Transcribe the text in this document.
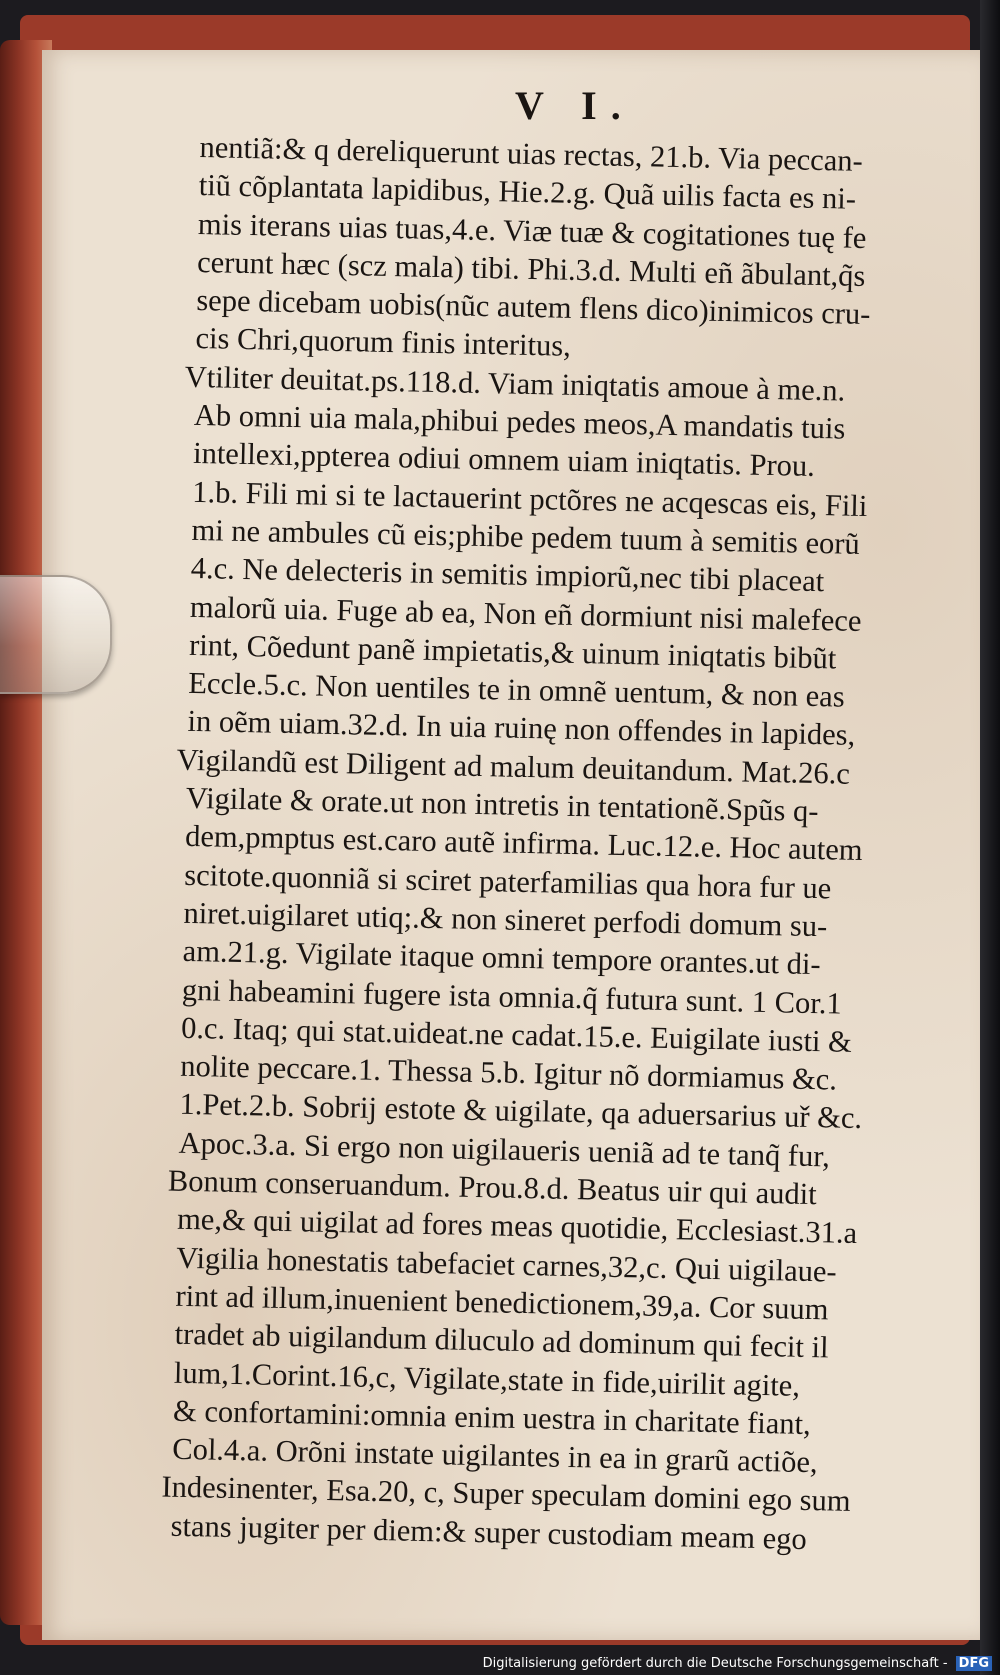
V I.
nentiã:& q dereliquerunt uias rectas, 21.b. Via peccan-
tiũ cõplantata lapidibus, Hie.2.g. Quã uilis facta es ni-
mis iterans uias tuas,4.e. Viæ tuæ & cogitationes tuę fe
cerunt hæc (scz mala) tibi. Phi.3.d. Multi eñ ãbulant,q̃s
sepe dicebam uobis(nũc autem flens dico)inimicos cru-
cis Chri,quorum finis interitus,
Vtiliter deuitat.ps.118.d. Viam iniqtatis amoue à me.n.
Ab omni uia mala,phibui pedes meos,A mandatis tuis
intellexi,ppterea odiui omnem uiam iniqtatis. Prou.
1.b. Fili mi si te lactauerint pctõres ne acqescas eis, Fili
mi ne ambules cũ eis;phibe pedem tuum à semitis eorũ
4.c. Ne delecteris in semitis impiorũ,nec tibi placeat
malorũ uia. Fuge ab ea, Non eñ dormiunt nisi malefece
rint, Cõedunt panẽ impietatis,& uinum iniqtatis bibũt
Eccle.5.c. Non uentiles te in omnẽ uentum, & non eas
in oẽm uiam.32.d. In uia ruinę non offendes in lapides,
Vigilandũ est Diligent ad malum deuitandum. Mat.26.c
Vigilate & orate.ut non intretis in tentationẽ.Spũs q-
dem,pmptus est.caro autẽ infirma. Luc.12.e. Hoc autem
scitote.quonniã si sciret paterfamilias qua hora fur ue
niret.uigilaret utiq;.& non sineret perfodi domum su-
am.21.g. Vigilate itaque omni tempore orantes.ut di-
gni habeamini fugere ista omnia.q̃ futura sunt. 1 Cor.1
0.c. Itaq; qui stat.uideat.ne cadat.15.e. Euigilate iusti &
nolite peccare.1. Thessa 5.b. Igitur nõ dormiamus &c.
1.Pet.2.b. Sobrij estote & uigilate, qa aduersarius uř &c.
Apoc.3.a. Si ergo non uigilaueris ueniã ad te tanq̃ fur,
Bonum conseruandum. Prou.8.d. Beatus uir qui audit
me,& qui uigilat ad fores meas quotidie, Ecclesiast.31.a
Vigilia honestatis tabefaciet carnes,32,c. Qui uigilaue-
rint ad illum,inuenient benedictionem,39,a. Cor suum
tradet ab uigilandum diluculo ad dominum qui fecit il
lum,1.Corint.16,c, Vigilate,state in fide,uirilit agite,
& confortamini:omnia enim uestra in charitate fiant,
Col.4.a. Orõni instate uigilantes in ea in grarũ actiõe,
Indesinenter, Esa.20, c, Super speculam domini ego sum
stans jugiter per diem:& super custodiam meam ego
Digitalisierung gefördert durch die Deutsche Forschungsgemeinschaft - DFG
